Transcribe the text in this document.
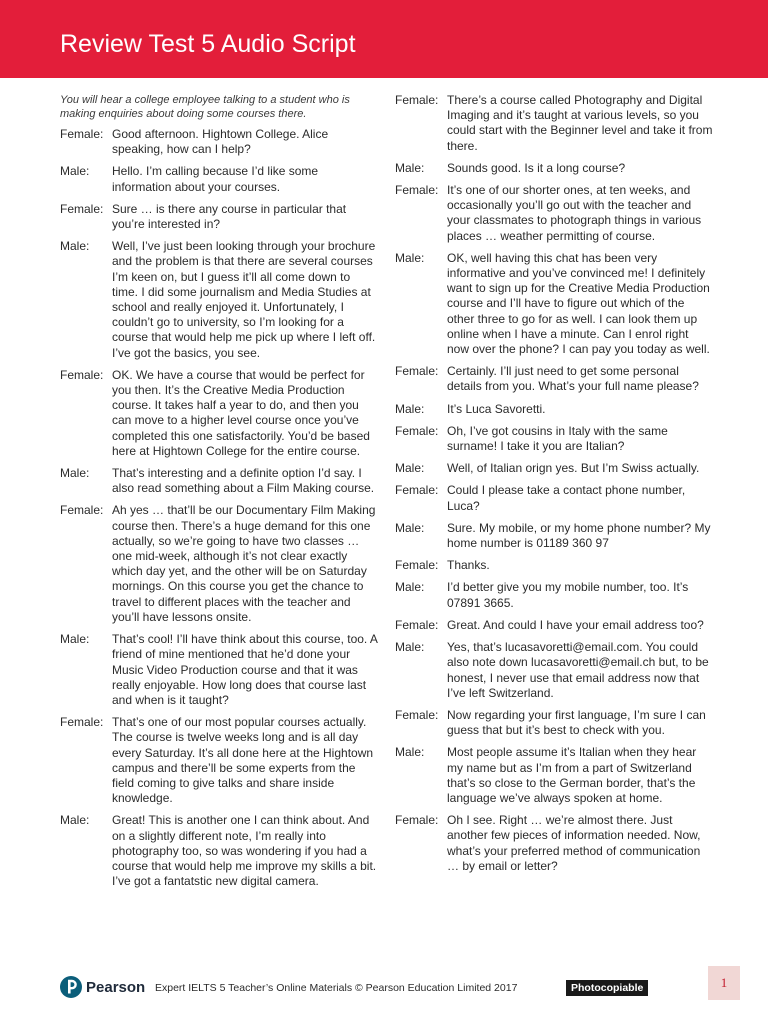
Review Test 5 Audio Script

You will hear a college employee talking to a student who is making enquiries about doing some courses there.

Female: Good afternoon. Hightown College. Alice speaking, how can I help?
Male:	Hello. I’m calling because I’d like some information about your courses.
Female: Sure … is there any course in particular that you’re interested in?
Male:	Well, I’ve just been looking through your brochure and the problem is that there are several courses I’m keen on, but I guess it’ll all come down to time. I did some journalism and Media Studies at school and really enjoyed it. Unfortunately, I couldn’t go to university, so I’m looking for a course that would help me pick up where I left off. I’ve got the basics, you see.
Female: OK. We have a course that would be perfect for you then. It’s the Creative Media Production course. It takes half a year to do, and then you can move to a higher level course once you’ve completed this one satisfactorily. You’d be based here at Hightown College for the entire course.
Male:	That’s interesting and a definite option I’d say. I also read something about a Film Making course.
Female: Ah yes … that’ll be our Documentary Film Making course then. There’s a huge demand for this one actually, so we’re going to have two classes … one mid-week, although it’s not clear exactly which day yet, and the other will be on Saturday mornings. On this course you get the chance to travel to different places with the teacher and you’ll have lessons onsite.
Male:	That’s cool! I’ll have think about this course, too. A friend of mine mentioned that he’d done your Music Video Production course and that it was really enjoyable. How long does that course last and when is it taught?
Female: That’s one of our most popular courses actually. The course is twelve weeks long and is all day every Saturday. It’s all done here at the Hightown campus and there’ll be some experts from the field coming to give talks and share inside knowledge.
Male:	Great! This is another one I can think about. And on a slightly different note, I’m really into photography too, so was wondering if you had a course that would help me improve my skills a bit. I’ve got a fantatstic new digital camera.
Female: There’s a course called Photography and Digital Imaging and it’s taught at various levels, so you could start with the Beginner level and take it from there.
Male:	Sounds good. Is it a long course?
Female: It’s one of our shorter ones, at ten weeks, and occasionally you’ll go out with the teacher and your classmates to photograph things in various places … weather permitting of course.
Male:	OK, well having this chat has been very informative and you’ve convinced me! I definitely want to sign up for the Creative Media Production course and I’ll have to figure out which of the other three to go for as well. I can look them up online when I have a minute. Can I enrol right now over the phone? I can pay you today as well.
Female: Certainly. I’ll just need to get some personal details from you. What’s your full name please?
Male:	It’s Luca Savoretti.
Female: Oh, I’ve got cousins in Italy with the same surname! I take it you are Italian?
Male:	Well, of Italian orign yes. But I’m Swiss actually.
Female: Could I please take a contact phone number, Luca?
Male:	Sure. My mobile, or my home phone number? My home number is 01189 360 97
Female: Thanks.
Male:	I’d better give you my mobile number, too. It’s 07891 3665.
Female: Great. And could I have your email address too?
Male:	Yes, that’s lucasavoretti@email.com. You could also note down lucasavoretti@email.ch but, to be honest, I never use that email address now that I’ve left Switzerland.
Female: Now regarding your first language, I’m sure I can guess that but it’s best to check with you.
Male:	Most people assume it’s Italian when they hear my name but as I’m from a part of Switzerland that’s so close to the German border, that’s the language we’ve always spoken at home.
Female: Oh I see. Right … we’re almost there. Just another few pieces of information needed. Now, what’s your preferred method of communication … by email or letter?
Pearson Expert IELTS 5 Teacher’s Online Materials © Pearson Education Limited 2017	Photocopiable	1
